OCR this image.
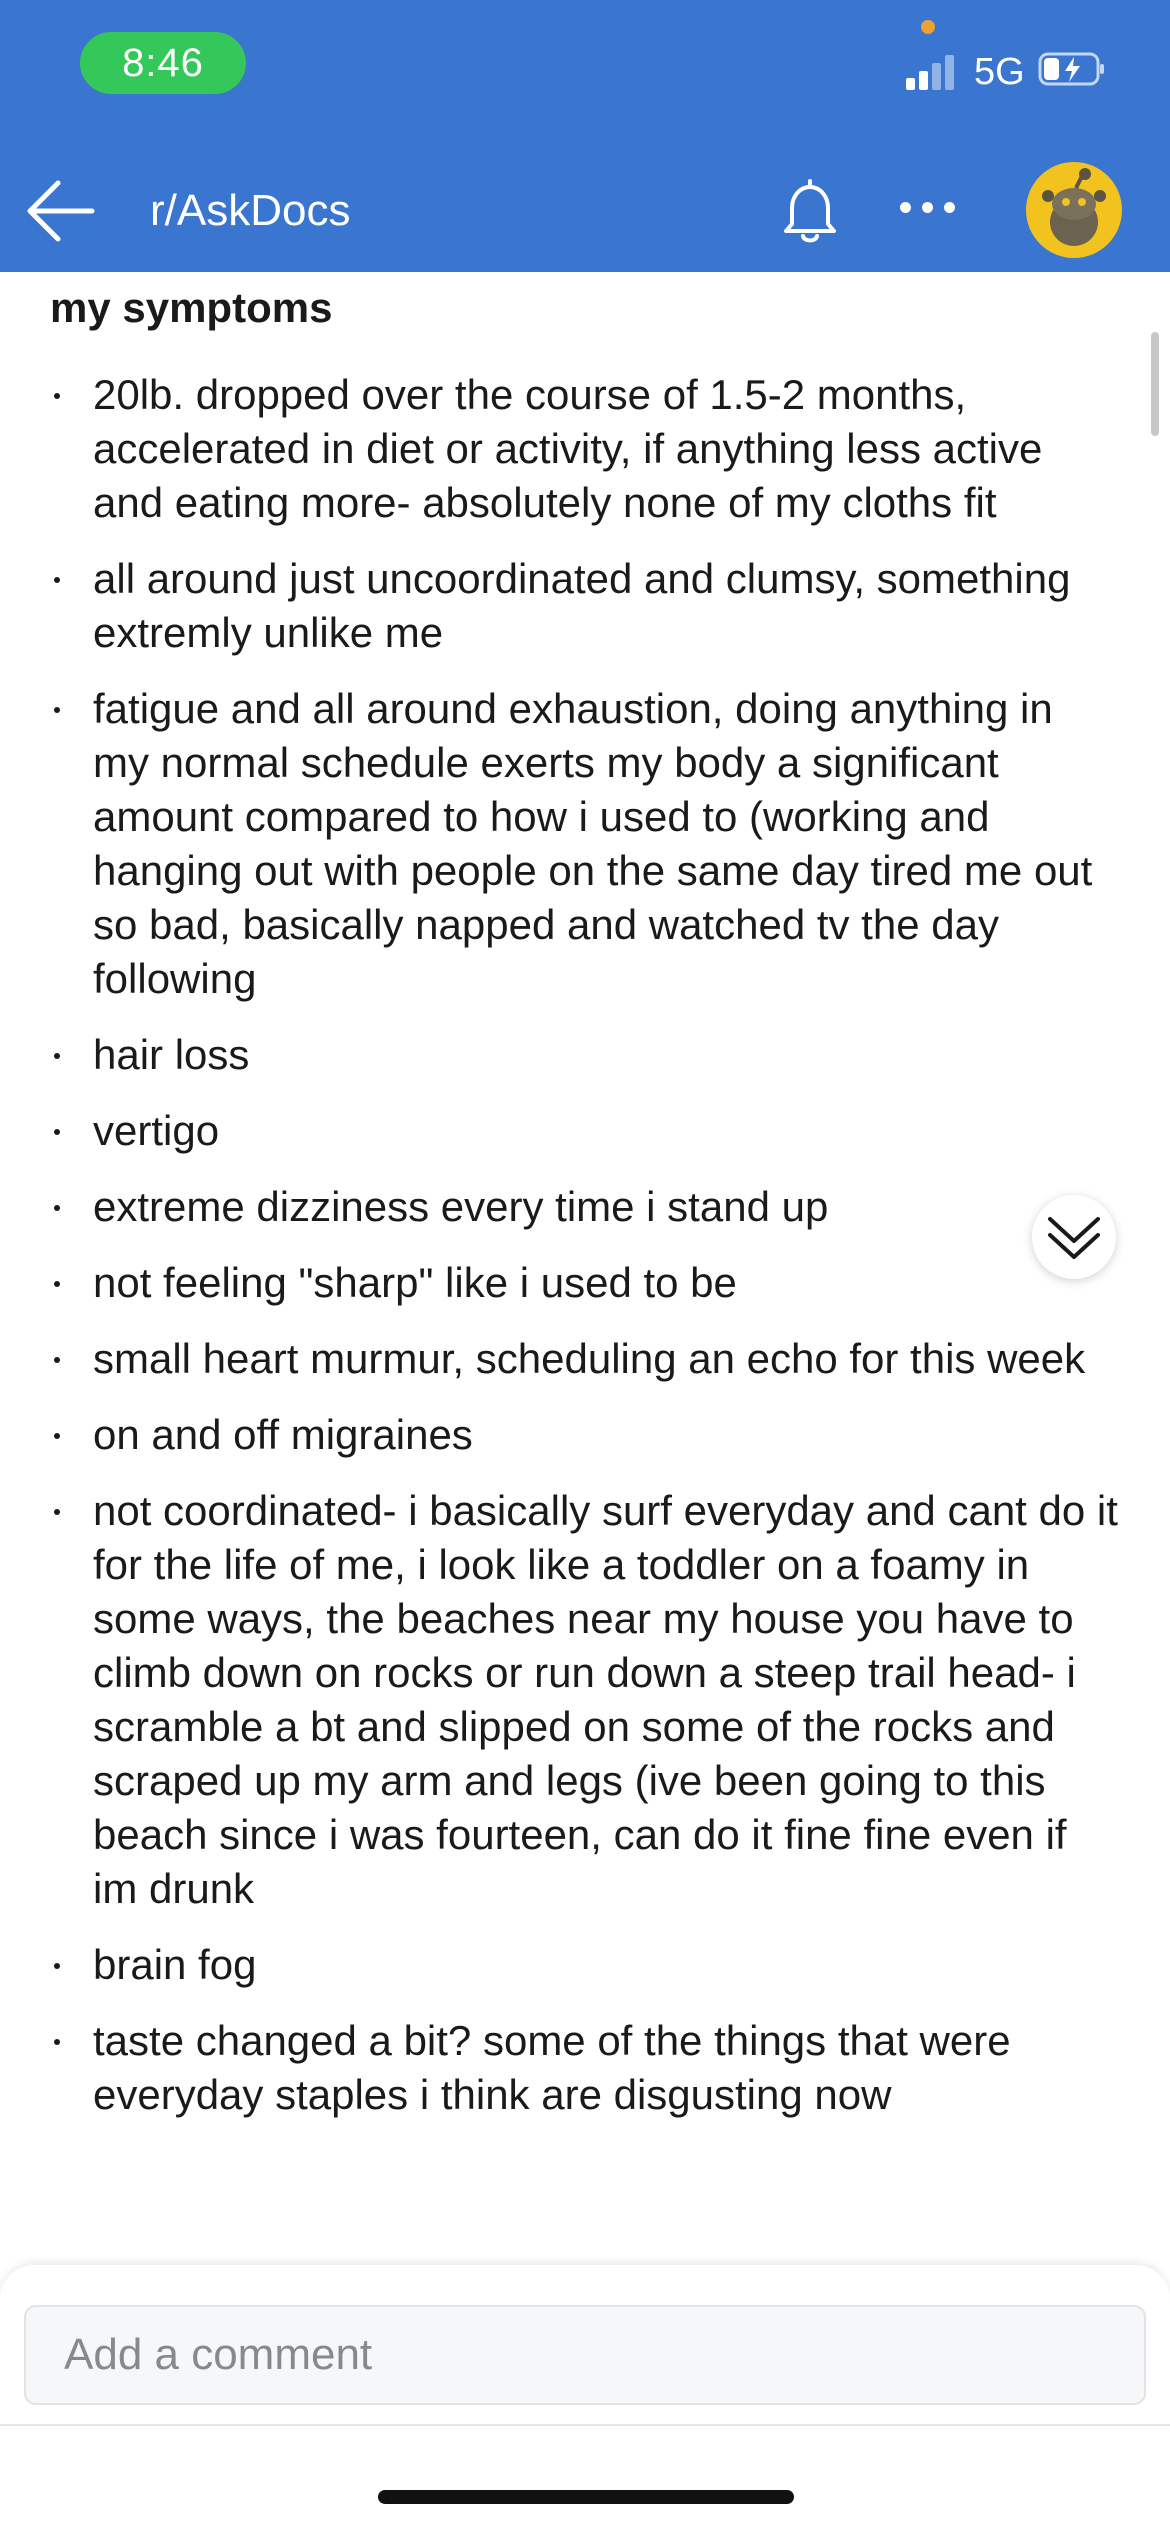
8:46	5G
r/AskDocs
my symptoms
20lb. dropped over the course of 1.5-2 months, accelerated in diet or activity, if anything less active and eating more- absolutely none of my cloths fit
all around just uncoordinated and clumsy, something extremly unlike me
fatigue and all around exhaustion, doing anything in my normal schedule exerts my body a significant amount compared to how i used to (working and hanging out with people on the same day tired me out so bad, basically napped and watched tv the day following
hair loss
vertigo
extreme dizziness every time i stand up
not feeling "sharp" like i used to be
small heart murmur, scheduling an echo for this week
on and off migraines
not coordinated- i basically surf everyday and cant do it for the life of me, i look like a toddler on a foamy in some ways, the beaches near my house you have to climb down on rocks or run down a steep trail head- i scramble a bt and slipped on some of the rocks and scraped up my arm and legs (ive been going to this beach since i was fourteen, can do it fine fine even if im drunk
brain fog
taste changed a bit? some of the things that were everyday staples i think are disgusting now
Add a comment
